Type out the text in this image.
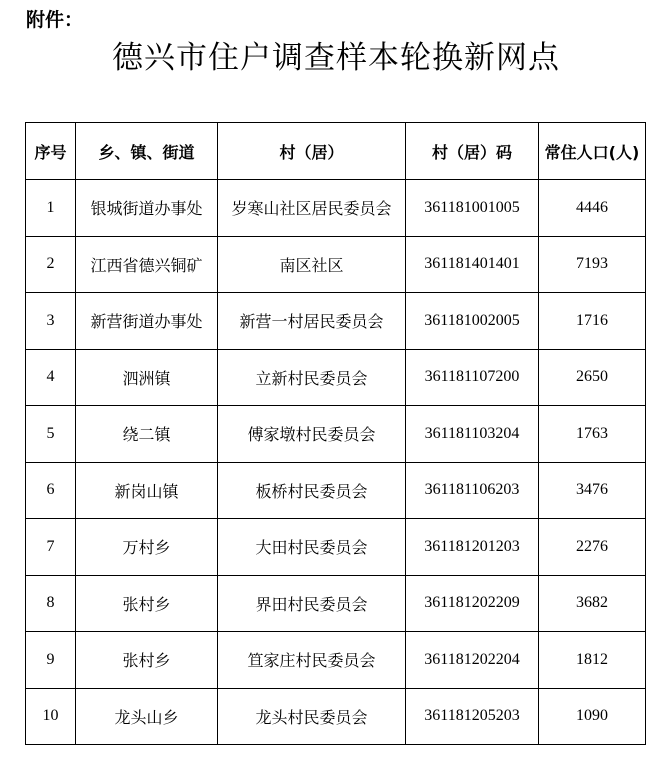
附件：
德兴市住户调查样本轮换新网点
序号	乡、镇、街道	村（居）	村（居）码	常住人口(人)
1	银城街道办事处	岁寒山社区居民委员会	361181001005	4446
2	江西省德兴铜矿	南区社区	361181401401	7193
3	新营街道办事处	新营一村居民委员会	361181002005	1716
4	泗洲镇	立新村民委员会	361181107200	2650
5	绕二镇	傅家墩村民委员会	361181103204	1763
6	新岗山镇	板桥村民委员会	361181106203	3476
7	万村乡	大田村民委员会	361181201203	2276
8	张村乡	界田村民委员会	361181202209	3682
9	张村乡	笪家庄村民委员会	361181202204	1812
10	龙头山乡	龙头村民委员会	361181205203	1090
